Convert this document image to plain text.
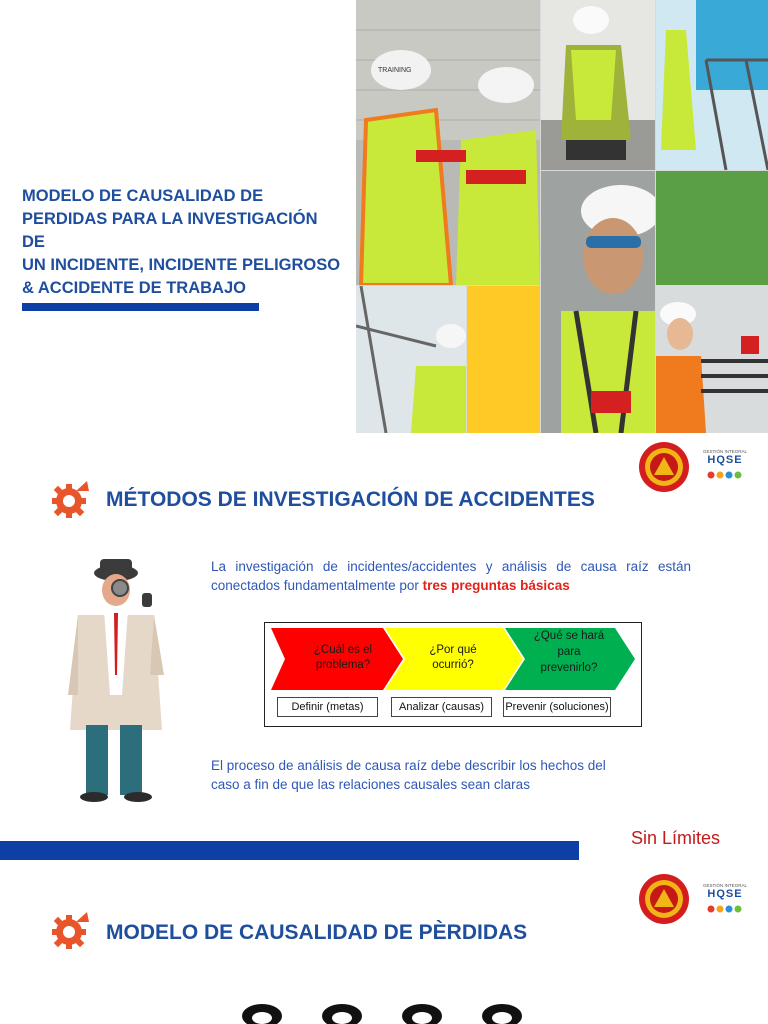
MODELO DE CAUSALIDAD DE
PERDIDAS PARA LA INVESTIGACIÓN DE
UN INCIDENTE, INCIDENTE PELIGROSO
& ACCIDENTE DE TRABAJO
TRAINING
MÉTODOS DE INVESTIGACIÓN DE ACCIDENTES
GESTIÓN INTEGRAL
HQSE
La investigación de incidentes/accidentes y análisis de causa raíz están conectados fundamentalmente por tres preguntas básicas
¿Cuál es el
problema?
¿Por qué
ocurrió?
¿Qué se hará
para
prevenirlo?
Definir (metas)	Analizar (causas)	Prevenir (soluciones)
El proceso de análisis de causa raíz debe describir los hechos del caso a fin de que las relaciones causales sean claras
Sin Límites
MODELO DE CAUSALIDAD DE PÈRDIDAS
GESTIÓN INTEGRAL
HQSE
